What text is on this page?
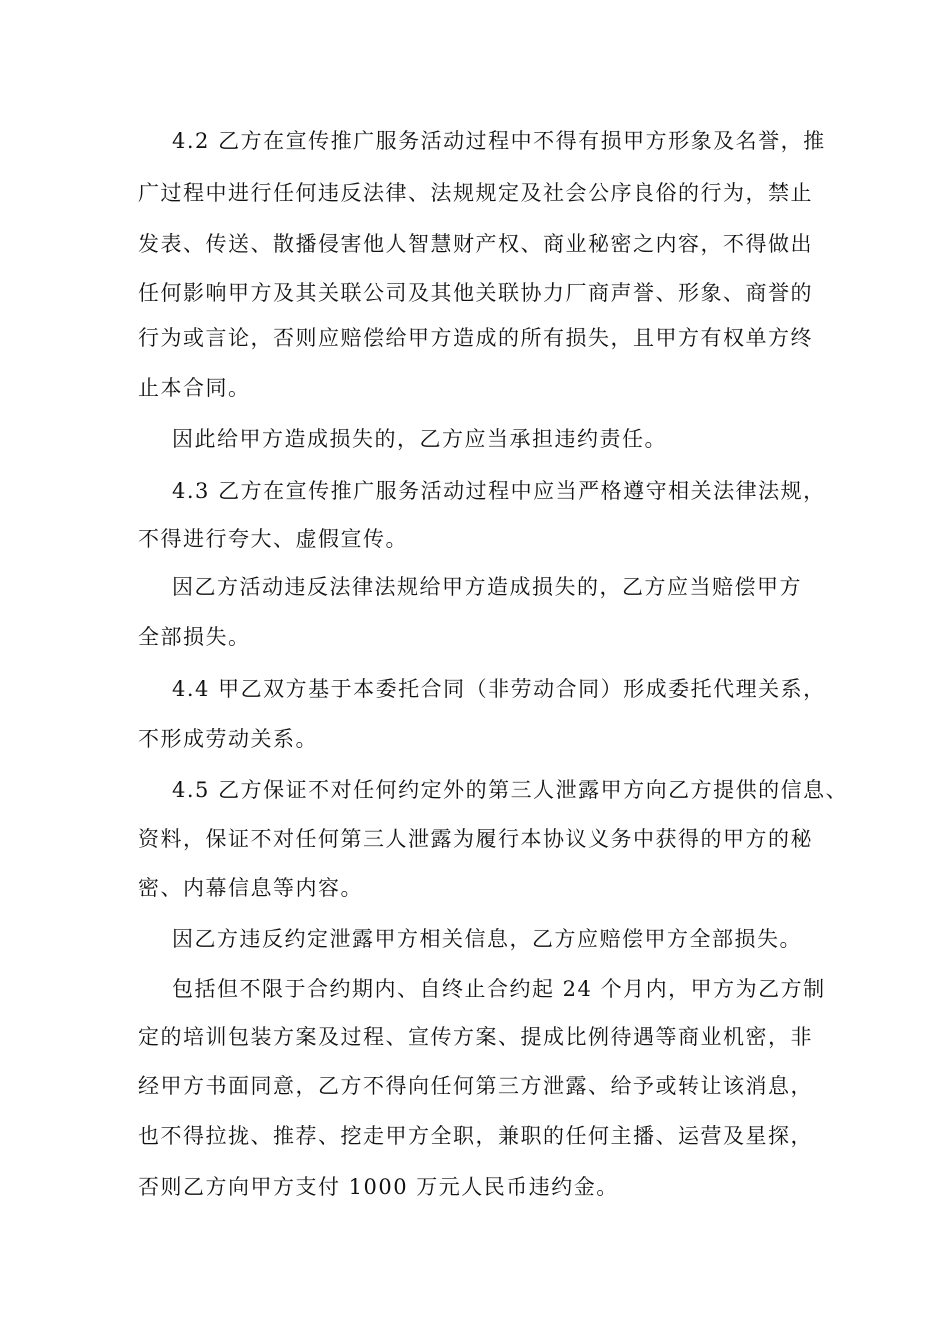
4.2 乙方在宣传推广服务活动过程中不得有损甲方形象及名誉，推
广过程中进行任何违反法律、法规规定及社会公序良俗的行为，禁止
发表、传送、散播侵害他人智慧财产权、商业秘密之内容，不得做出
任何影响甲方及其关联公司及其他关联协力厂商声誉、形象、商誉的
行为或言论，否则应赔偿给甲方造成的所有损失，且甲方有权单方终
止本合同。
因此给甲方造成损失的，乙方应当承担违约责任。
4.3 乙方在宣传推广服务活动过程中应当严格遵守相关法律法规，
不得进行夸大、虚假宣传。
因乙方活动违反法律法规给甲方造成损失的，乙方应当赔偿甲方
全部损失。
4.4 甲乙双方基于本委托合同（非劳动合同）形成委托代理关系，
不形成劳动关系。
4.5 乙方保证不对任何约定外的第三人泄露甲方向乙方提供的信息、
资料，保证不对任何第三人泄露为履行本协议义务中获得的甲方的秘
密、内幕信息等内容。
因乙方违反约定泄露甲方相关信息，乙方应赔偿甲方全部损失。
包括但不限于合约期内、自终止合约起 24 个月内，甲方为乙方制
定的培训包装方案及过程、宣传方案、提成比例待遇等商业机密，非
经甲方书面同意，乙方不得向任何第三方泄露、给予或转让该消息，
也不得拉拢、推荐、挖走甲方全职，兼职的任何主播、运营及星探，
否则乙方向甲方支付 1000 万元人民币违约金。
